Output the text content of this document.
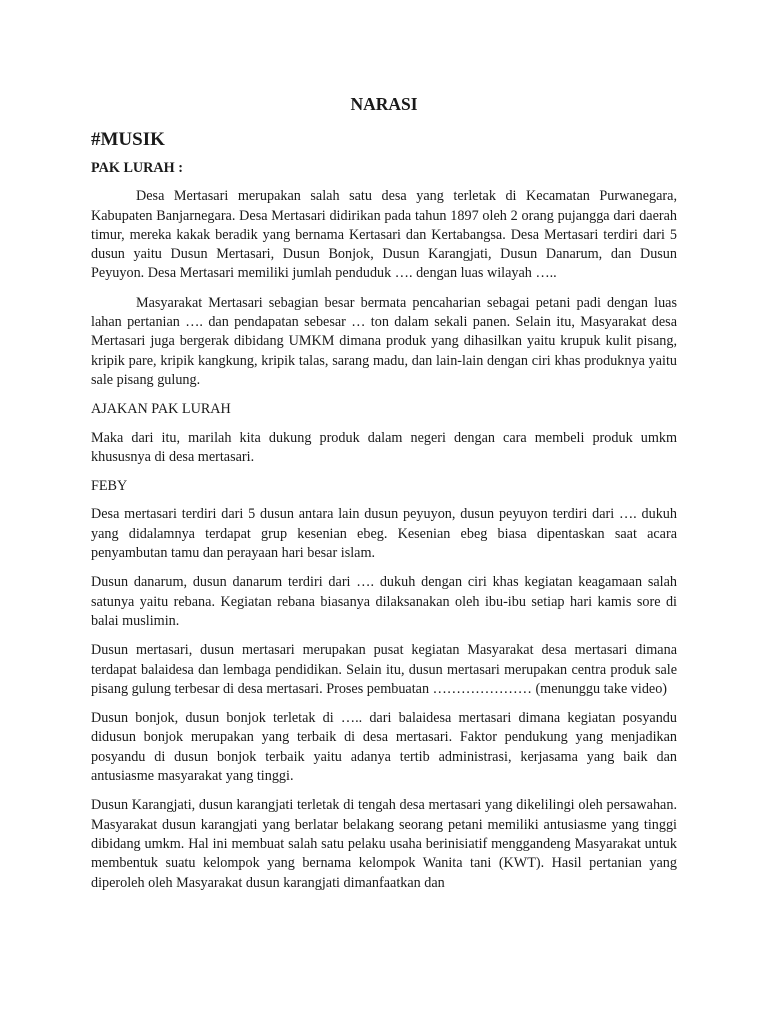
NARASI
#MUSIK
PAK LURAH :

Desa Mertasari merupakan salah satu desa yang terletak di Kecamatan Purwanegara, Kabupaten Banjarnegara. Desa Mertasari didirikan pada tahun 1897 oleh 2 orang pujangga dari daerah timur, mereka kakak beradik yang bernama Kertasari dan Kertabangsa. Desa Mertasari terdiri dari 5 dusun yaitu Dusun Mertasari, Dusun Bonjok, Dusun Karangjati, Dusun Danarum, dan Dusun Peyuyon. Desa Mertasari memiliki jumlah penduduk …. dengan luas wilayah …..

Masyarakat Mertasari sebagian besar bermata pencaharian sebagai petani padi dengan luas lahan pertanian …. dan pendapatan sebesar … ton dalam sekali panen. Selain itu, Masyarakat desa Mertasari juga bergerak dibidang UMKM dimana produk yang dihasilkan yaitu krupuk kulit pisang, kripik pare, kripik kangkung, kripik talas, sarang madu, dan lain-lain dengan ciri khas produknya yaitu sale pisang gulung.

AJAKAN PAK LURAH

Maka dari itu, marilah kita dukung produk dalam negeri dengan cara membeli produk umkm khususnya di desa mertasari.

FEBY

Desa mertasari terdiri dari 5 dusun antara lain dusun peyuyon, dusun peyuyon terdiri dari …. dukuh yang didalamnya terdapat grup kesenian ebeg. Kesenian ebeg biasa dipentaskan saat acara penyambutan tamu dan perayaan hari besar islam.

Dusun danarum, dusun danarum terdiri dari …. dukuh dengan ciri khas kegiatan keagamaan salah satunya yaitu rebana. Kegiatan rebana biasanya dilaksanakan oleh ibu-ibu setiap hari kamis sore di balai muslimin.

Dusun mertasari, dusun mertasari merupakan pusat kegiatan Masyarakat desa mertasari dimana terdapat balaidesa dan lembaga pendidikan. Selain itu, dusun mertasari merupakan centra produk sale pisang gulung terbesar di desa mertasari. Proses pembuatan ………………… (menunggu take video)

Dusun bonjok, dusun bonjok terletak di ….. dari balaidesa mertasari dimana kegiatan posyandu didusun bonjok merupakan yang terbaik di desa mertasari. Faktor pendukung yang menjadikan posyandu di dusun bonjok terbaik yaitu adanya tertib administrasi, kerjasama yang baik dan antusiasme masyarakat yang tinggi.

Dusun Karangjati, dusun karangjati terletak di tengah desa mertasari yang dikelilingi oleh persawahan. Masyarakat dusun karangjati yang berlatar belakang seorang petani memiliki antusiasme yang tinggi dibidang umkm. Hal ini membuat salah satu pelaku usaha berinisiatif menggandeng Masyarakat untuk membentuk suatu kelompok yang bernama kelompok Wanita tani (KWT). Hasil pertanian yang diperoleh oleh Masyarakat dusun karangjati dimanfaatkan dan
